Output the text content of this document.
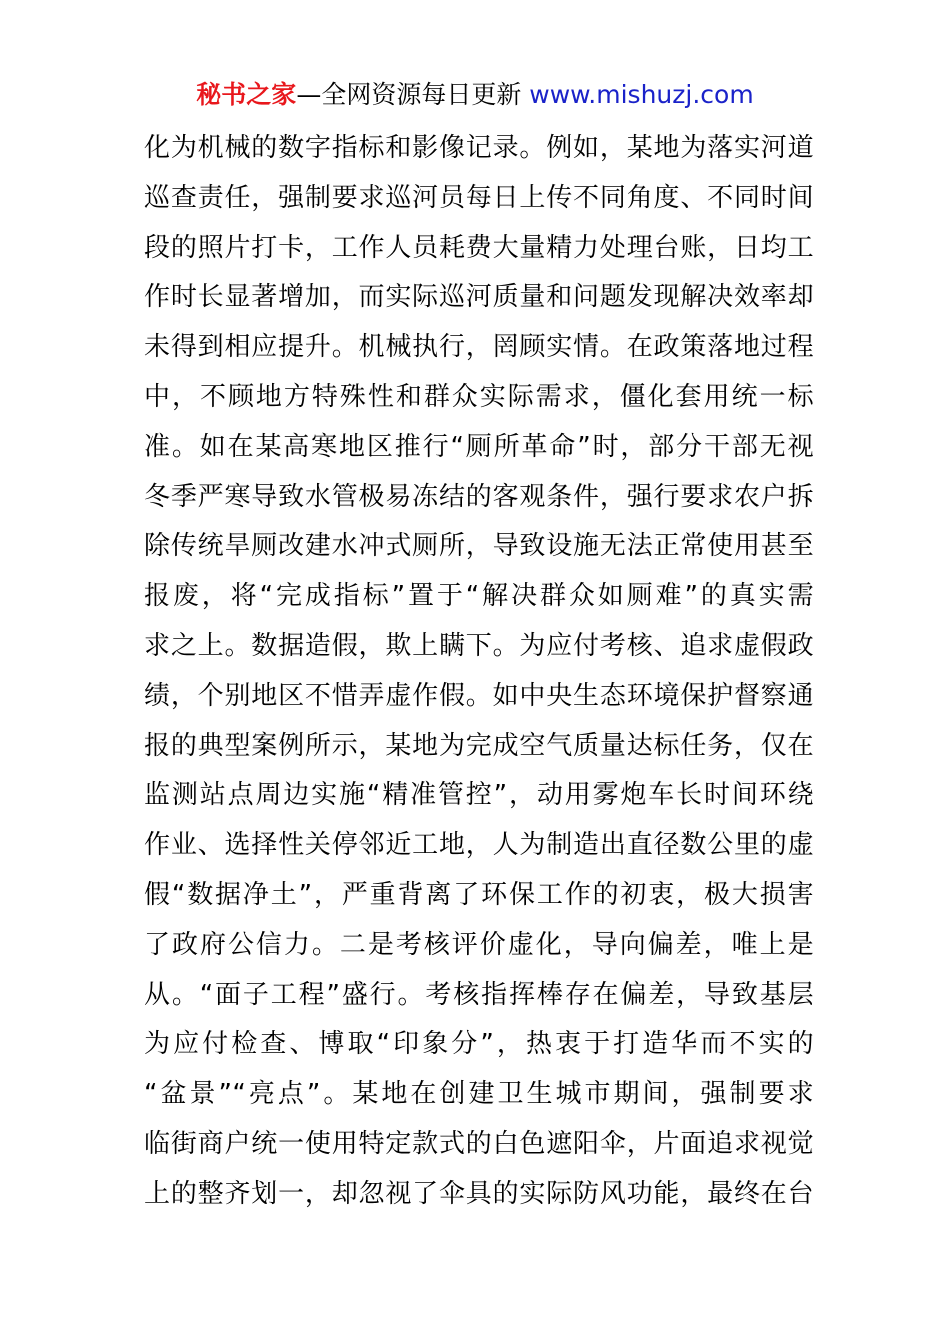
秘书之家—全网资源每日更新 www.mishuzj.com
化为机械的数字指标和影像记录。例如，某地为落实河道
巡查责任，强制要求巡河员每日上传不同角度、不同时间
段的照片打卡，工作人员耗费大量精力处理台账，日均工
作时长显著增加，而实际巡河质量和问题发现解决效率却
未得到相应提升。机械执行，罔顾实情。在政策落地过程
中，不顾地方特殊性和群众实际需求，僵化套用统一标
准。如在某高寒地区推行“厕所革命”时，部分干部无视
冬季严寒导致水管极易冻结的客观条件，强行要求农户拆
除传统旱厕改建水冲式厕所，导致设施无法正常使用甚至
报废，将“完成指标”置于“解决群众如厕难”的真实需
求之上。数据造假，欺上瞒下。为应付考核、追求虚假政
绩，个别地区不惜弄虚作假。如中央生态环境保护督察通
报的典型案例所示，某地为完成空气质量达标任务，仅在
监测站点周边实施“精准管控”，动用雾炮车长时间环绕
作业、选择性关停邻近工地，人为制造出直径数公里的虚
假“数据净土”，严重背离了环保工作的初衷，极大损害
了政府公信力。二是考核评价虚化，导向偏差，唯上是
从。“面子工程”盛行。考核指挥棒存在偏差，导致基层
为应付检查、博取“印象分”，热衷于打造华而不实的
“盆景”“亮点”。某地在创建卫生城市期间，强制要求
临街商户统一使用特定款式的白色遮阳伞，片面追求视觉
上的整齐划一，却忽视了伞具的实际防风功能，最终在台
